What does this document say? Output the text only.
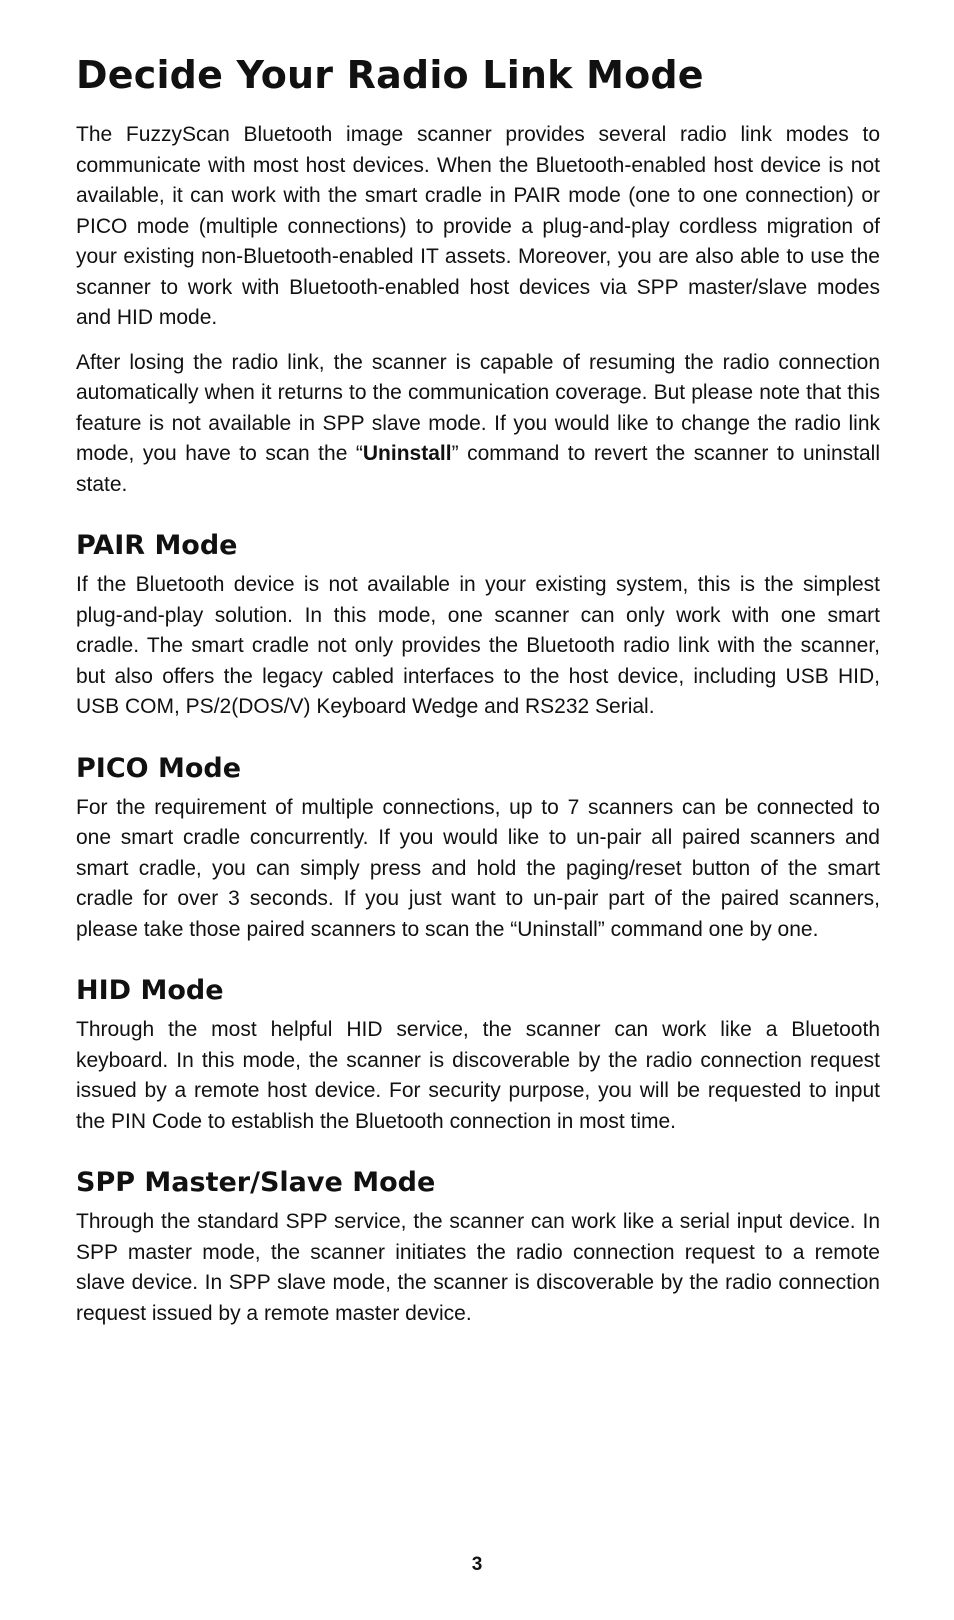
Decide Your Radio Link Mode

The FuzzyScan Bluetooth image scanner provides several radio link modes to communicate with most host devices. When the Bluetooth-enabled host device is not available, it can work with the smart cradle in PAIR mode (one to one connection) or PICO mode (multiple connections) to provide a plug-and-play cordless migration of your existing non-Bluetooth-enabled IT assets. Moreover, you are also able to use the scanner to work with Bluetooth-enabled host devices via SPP master/slave modes and HID mode.

After losing the radio link, the scanner is capable of resuming the radio connection automatically when it returns to the communication coverage. But please note that this feature is not available in SPP slave mode. If you would like to change the radio link mode, you have to scan the “Uninstall” command to revert the scanner to uninstall state.

PAIR Mode

If the Bluetooth device is not available in your existing system, this is the simplest plug-and-play solution. In this mode, one scanner can only work with one smart cradle. The smart cradle not only provides the Bluetooth radio link with the scanner, but also offers the legacy cabled interfaces to the host device, including USB HID, USB COM, PS/2(DOS/V) Keyboard Wedge and RS232 Serial.

PICO Mode

For the requirement of multiple connections, up to 7 scanners can be connected to one smart cradle concurrently. If you would like to un-pair all paired scanners and smart cradle, you can simply press and hold the paging/reset button of the smart cradle for over 3 seconds. If you just want to un-pair part of the paired scanners, please take those paired scanners to scan the “Uninstall” command one by one.

HID Mode

Through the most helpful HID service, the scanner can work like a Bluetooth keyboard. In this mode, the scanner is discoverable by the radio connection request issued by a remote host device. For security purpose, you will be requested to input the PIN Code to establish the Bluetooth connection in most time.

SPP Master/Slave Mode

Through the standard SPP service, the scanner can work like a serial input device. In SPP master mode, the scanner initiates the radio connection request to a remote slave device. In SPP slave mode, the scanner is discoverable by the radio connection request issued by a remote master device.

3
